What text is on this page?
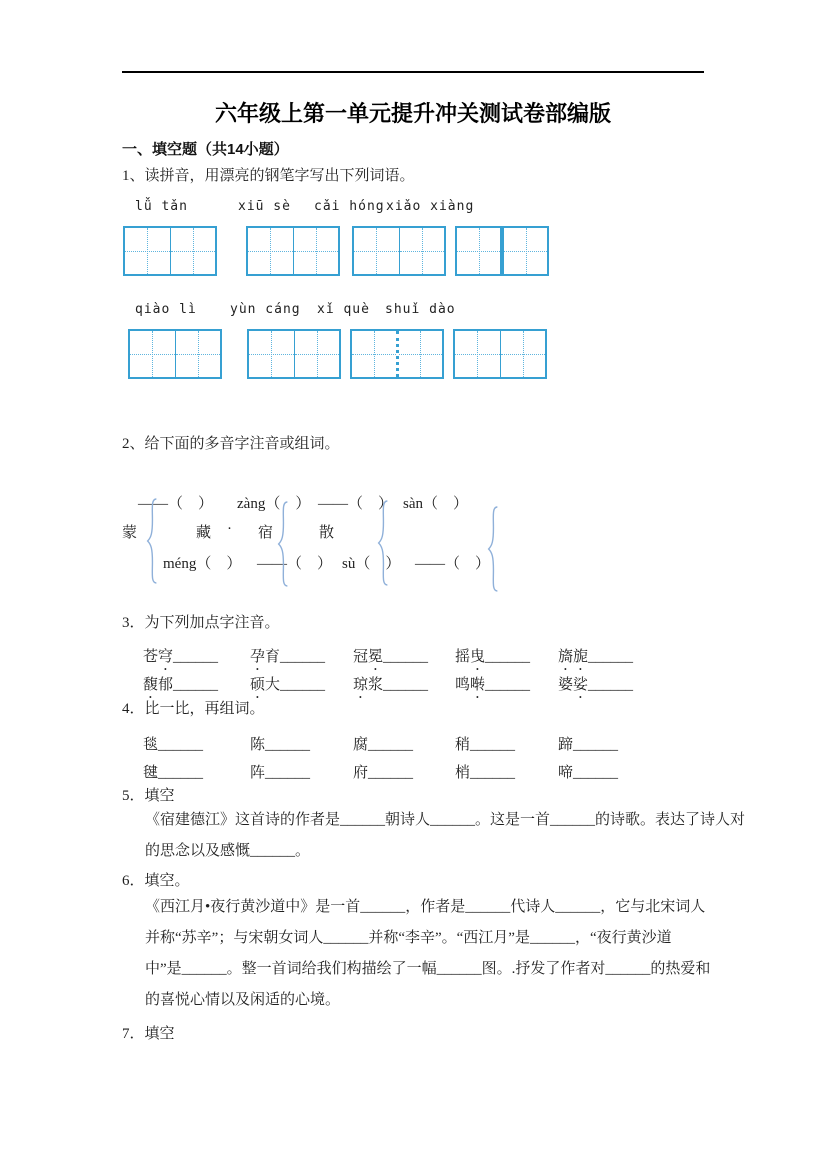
六年级上第一单元提升冲关测试卷部编版
一、填空题（共14小题）
1、读拼音，用漂亮的钢笔字写出下列词语。
lǚ tǎn	xiū sè cǎi hóng xiǎo xiàng
qiào lì	yùn cáng xǐ què shuǐ dào
2、给下面的多音字注音或组词。
——（　） zàng（　） ——（　） sàn（　）
蒙	藏 · 宿	散
méng（　） ——（　） sù（　） ——（　）
3．为下列加点字注音。
苍穹______ 孕育______ 冠冕______ 摇曳______ 旖旎______
馥郁______ 硕大______ 琼浆______ 鸣啭______ 婆娑______
4．比一比，再组词。
毯______	陈______	腐______	稍______	蹄______
毽______	阵______	府______	梢______	啼______
5．填空
《宿建德江》这首诗的作者是______朝诗人______。这是一首______的诗歌。表达了诗人对
的思念以及感慨______。
6．填空。
《西江月•夜行黄沙道中》是一首______，作者是______代诗人______，它与北宋词人
并称“苏辛”；与宋朝女词人______并称“李辛”。“西江月”是______，“夜行黄沙道
中”是______。整一首词给我们构描绘了一幅______图。.抒发了作者对______的热爱和
的喜悦心情以及闲适的心境。
7．填空
